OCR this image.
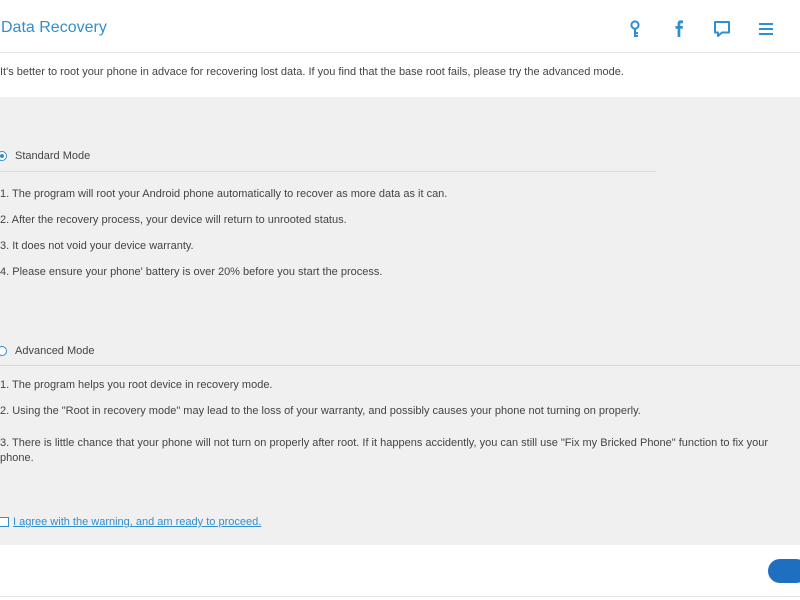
Data Recovery
It's better to root your phone in advace for recovering lost data. If you find that the base root fails, please try the advanced mode.
Standard Mode
1. The program will root your Android phone automatically to recover as more data as it can.
2. After the recovery process, your device will return to unrooted status.
3. It does not void your device warranty.
4. Please ensure your phone' battery is over 20% before you start the process.
Advanced Mode
1. The program helps you root device in recovery mode.
2. Using the "Root in recovery mode" may lead to the loss of your warranty, and possibly causes your phone not turning on properly.
3. There is little chance that your phone will not turn on properly after root. If it happens accidently, you can still use "Fix my Bricked Phone" function to fix your phone.
I agree with the warning, and am ready to proceed.
